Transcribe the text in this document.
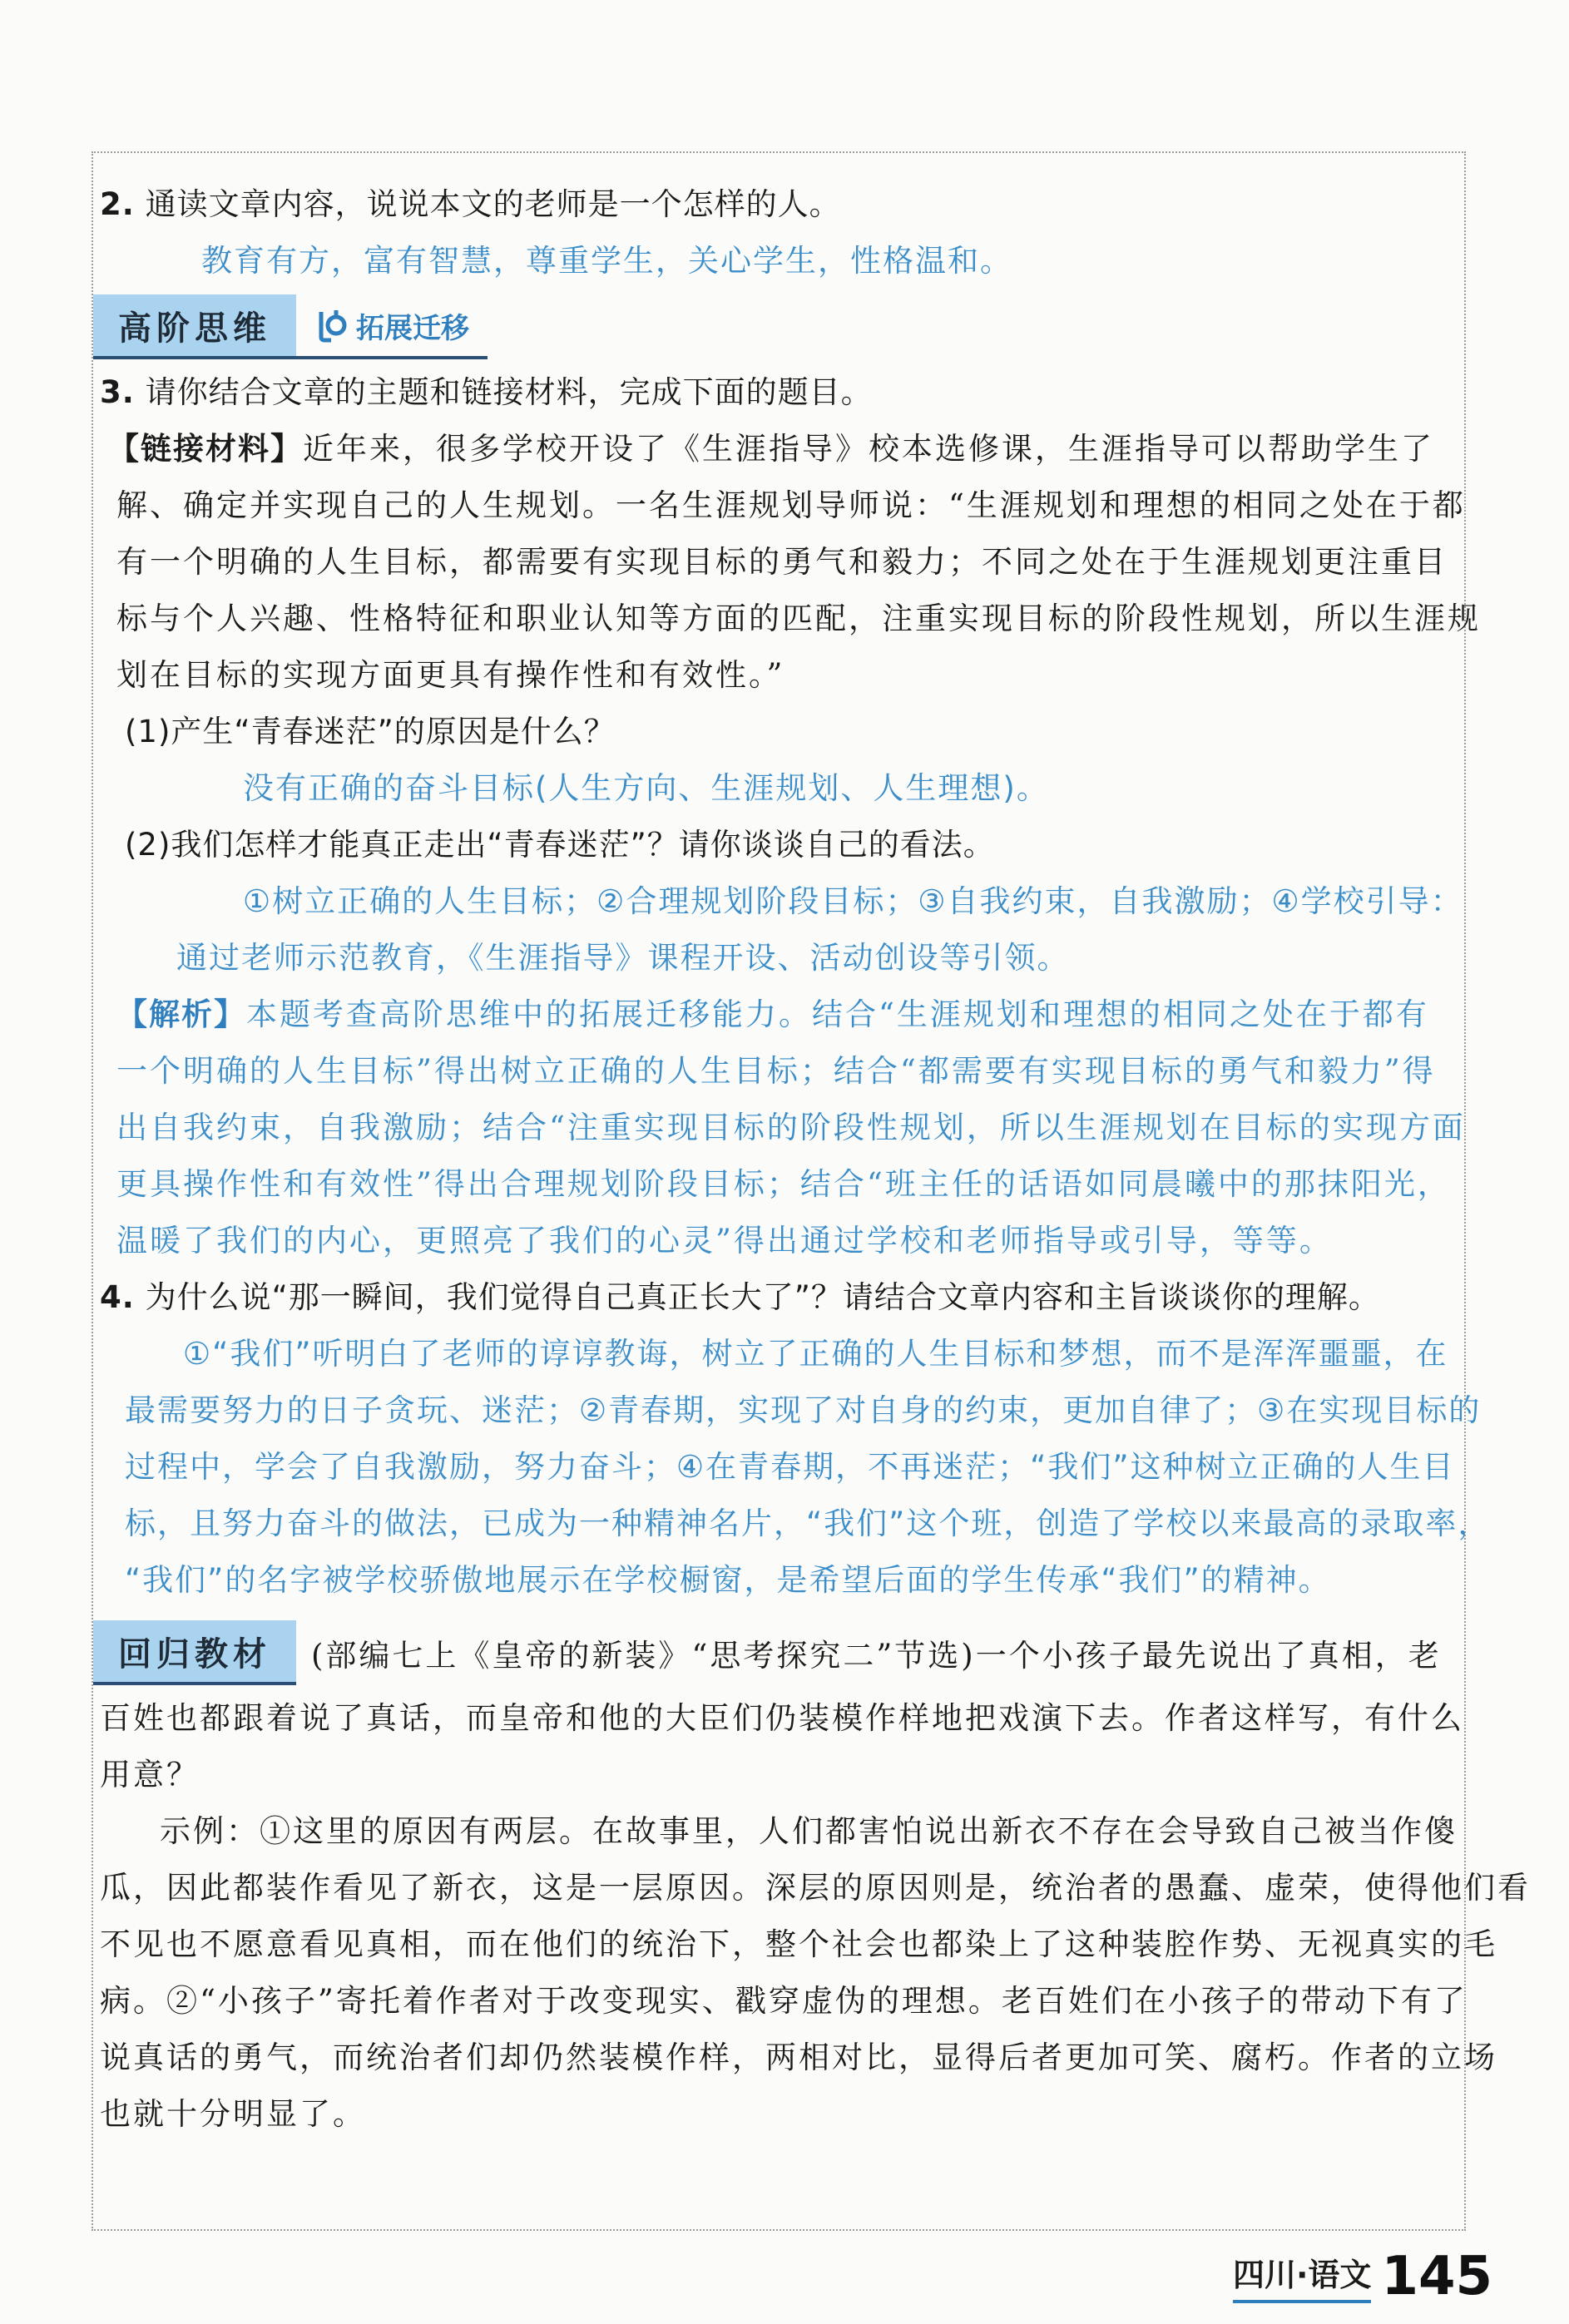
2. 通读文章内容，说说本文的老师是一个怎样的人。
教育有方，富有智慧，尊重学生，关心学生，性格温和。
高阶思维	拓展迁移
3. 请你结合文章的主题和链接材料，完成下面的题目。
【链接材料】近年来，很多学校开设了《生涯指导》校本选修课，生涯指导可以帮助学生了
解、确定并实现自己的人生规划。一名生涯规划导师说：“生涯规划和理想的相同之处在于都
有一个明确的人生目标，都需要有实现目标的勇气和毅力；不同之处在于生涯规划更注重目
标与个人兴趣、性格特征和职业认知等方面的匹配，注重实现目标的阶段性规划，所以生涯规
划在目标的实现方面更具有操作性和有效性。”
(1)产生“青春迷茫”的原因是什么？
没有正确的奋斗目标(人生方向、生涯规划、人生理想)。
(2)我们怎样才能真正走出“青春迷茫”？请你谈谈自己的看法。
①树立正确的人生目标；②合理规划阶段目标；③自我约束，自我激励；④学校引导：
通过老师示范教育，《生涯指导》课程开设、活动创设等引领。
【解析】本题考查高阶思维中的拓展迁移能力。结合“生涯规划和理想的相同之处在于都有
一个明确的人生目标”得出树立正确的人生目标；结合“都需要有实现目标的勇气和毅力”得
出自我约束，自我激励；结合“注重实现目标的阶段性规划，所以生涯规划在目标的实现方面
更具操作性和有效性”得出合理规划阶段目标；结合“班主任的话语如同晨曦中的那抹阳光，
温暖了我们的内心，更照亮了我们的心灵”得出通过学校和老师指导或引导，等等。
4. 为什么说“那一瞬间，我们觉得自己真正长大了”？请结合文章内容和主旨谈谈你的理解。
①“我们”听明白了老师的谆谆教诲，树立了正确的人生目标和梦想，而不是浑浑噩噩，在
最需要努力的日子贪玩、迷茫；②青春期，实现了对自身的约束，更加自律了；③在实现目标的
过程中，学会了自我激励，努力奋斗；④在青春期，不再迷茫；“我们”这种树立正确的人生目
标，且努力奋斗的做法，已成为一种精神名片，“我们”这个班，创造了学校以来最高的录取率，
“我们”的名字被学校骄傲地展示在学校橱窗，是希望后面的学生传承“我们”的精神。
回归教材	(部编七上《皇帝的新装》“思考探究二”节选)一个小孩子最先说出了真相，老
百姓也都跟着说了真话，而皇帝和他的大臣们仍装模作样地把戏演下去。作者这样写，有什么
用意？
示例：①这里的原因有两层。在故事里，人们都害怕说出新衣不存在会导致自己被当作傻
瓜，因此都装作看见了新衣，这是一层原因。深层的原因则是，统治者的愚蠢、虚荣，使得他们看
不见也不愿意看见真相，而在他们的统治下，整个社会也都染上了这种装腔作势、无视真实的毛
病。②“小孩子”寄托着作者对于改变现实、戳穿虚伪的理想。老百姓们在小孩子的带动下有了
说真话的勇气，而统治者们却仍然装模作样，两相对比，显得后者更加可笑、腐朽。作者的立场
也就十分明显了。
四川·语文 145
